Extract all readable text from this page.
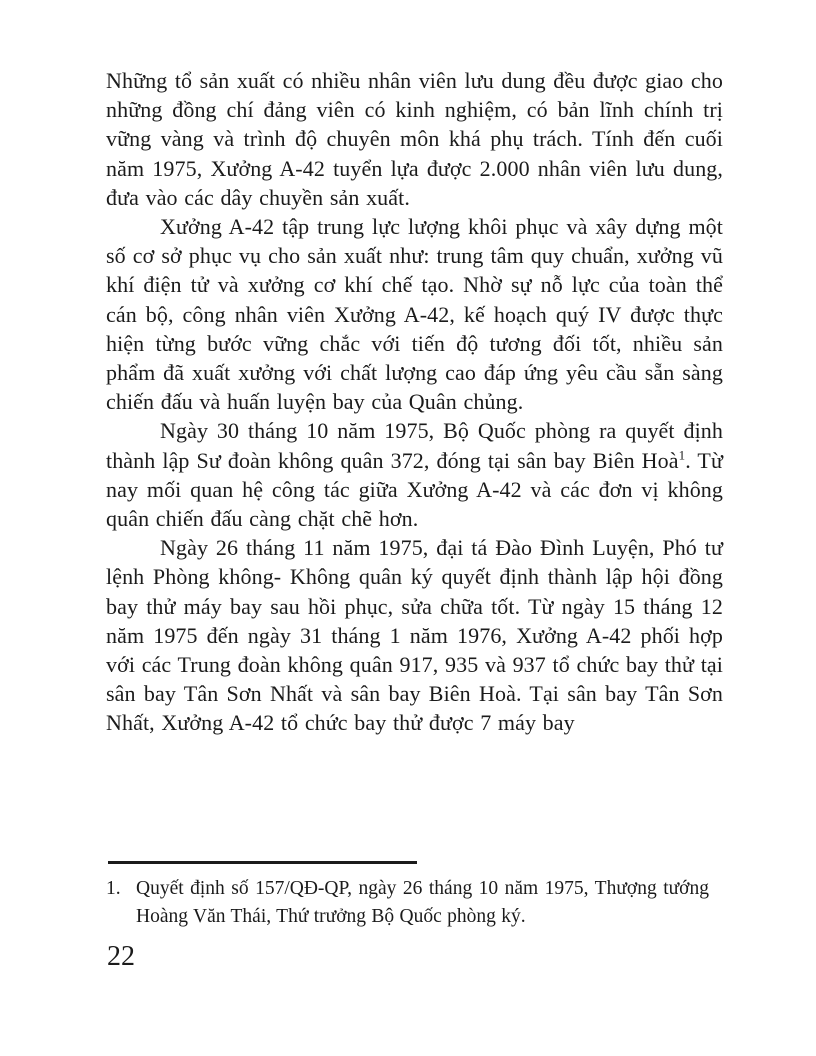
Những tổ sản xuất có nhiều nhân viên lưu dung đều được giao cho những đồng chí đảng viên có kinh nghiệm, có bản lĩnh chính trị vững vàng và trình độ chuyên môn khá phụ trách. Tính đến cuối năm 1975, Xưởng A-42 tuyển lựa được 2.000 nhân viên lưu dung, đưa vào các dây chuyền sản xuất.

Xưởng A-42 tập trung lực lượng khôi phục và xây dựng một số cơ sở phục vụ cho sản xuất như: trung tâm quy chuẩn, xưởng vũ khí điện tử và xưởng cơ khí chế tạo. Nhờ sự nỗ lực của toàn thể cán bộ, công nhân viên Xưởng A-42, kế hoạch quý IV được thực hiện từng bước vững chắc với tiến độ tương đối tốt, nhiều sản phẩm đã xuất xưởng với chất lượng cao đáp ứng yêu cầu sẵn sàng chiến đấu và huấn luyện bay của Quân chủng.

Ngày 30 tháng 10 năm 1975, Bộ Quốc phòng ra quyết định thành lập Sư đoàn không quân 372, đóng tại sân bay Biên Hoà$^1$. Từ nay mối quan hệ công tác giữa Xưởng A-42 và các đơn vị không quân chiến đấu càng chặt chẽ hơn.

Ngày 26 tháng 11 năm 1975, đại tá Đào Đình Luyện, Phó tư lệnh Phòng không- Không quân ký quyết định thành lập hội đồng bay thử máy bay sau hồi phục, sửa chữa tốt. Từ ngày 15 tháng 12 năm 1975 đến ngày 31 tháng 1 năm 1976, Xưởng A-42 phối hợp với các Trung đoàn không quân 917, 935 và 937 tổ chức bay thử tại sân bay Tân Sơn Nhất và sân bay Biên Hoà. Tại sân bay Tân Sơn Nhất, Xưởng A-42 tổ chức bay thử được 7 máy bay

1. Quyết định số 157/QĐ-QP, ngày 26 tháng 10 năm 1975, Thượng tướng Hoàng Văn Thái, Thứ trưởng Bộ Quốc phòng ký.
22
